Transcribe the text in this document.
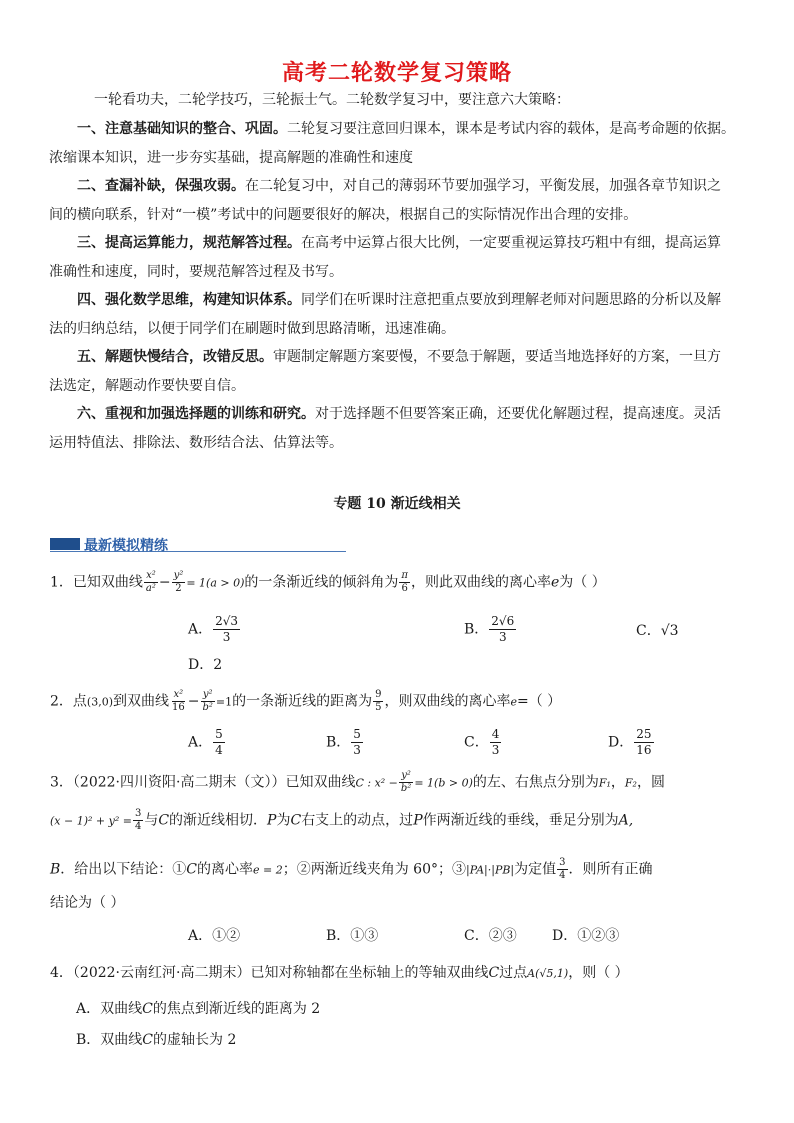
高考二轮数学复习策略
一轮看功夫，二轮学技巧，三轮振士气。二轮数学复习中，要注意六大策略：
一、注意基础知识的整合、巩固。二轮复习要注意回归课本，课本是考试内容的载体，是高考命题的依据。
浓缩课本知识，进一步夯实基础，提高解题的准确性和速度
二、查漏补缺，保强攻弱。在二轮复习中，对自己的薄弱环节要加强学习，平衡发展，加强各章节知识之
间的横向联系，针对“一模”考试中的问题要很好的解决，根据自己的实际情况作出合理的安排。
三、提高运算能力，规范解答过程。在高考中运算占很大比例，一定要重视运算技巧粗中有细，提高运算
准确性和速度，同时，要规范解答过程及书写。
四、强化数学思维，构建知识体系。同学们在听课时注意把重点要放到理解老师对问题思路的分析以及解
法的归纳总结，以便于同学们在刷题时做到思路清晰，迅速准确。
五、解题快慢结合，改错反思。审题制定解题方案要慢，不要急于解题，要适当地选择好的方案，一旦方
法选定，解题动作要快要自信。
六、重视和加强选择题的训练和研究。对于选择题不但要答案正确，还要优化解题过程，提高速度。灵活
运用特值法、排除法、数形结合法、估算法等。
专题 10 渐近线相关
最新模拟精练
1．已知双曲线 $\frac{\text{x²}}{\text{a²}} - \frac{\text{y²}}{2} = 1(a > 0)$的一条渐近线的倾斜角为 $\frac{\pi}{6}$ ，则此双曲线的离心率e为（ ）
A． $\frac{2√3}{3}$	B． $\frac{2√6}{3}$	C．√3
D．2
2．点(3,0)到双曲线 $\frac{\text{x²}}{16} - \frac{\text{y²}}{\text{b²}} =1$的一条渐近线的距离为 $\frac{9}{5}$ ，则双曲线的离心率e=（ ）
A． $\frac{5}{4}$	B． $\frac{5}{3}$	C． $\frac{4}{3}$	D． $\frac{25}{16}$
3．（2022·四川资阳·高二期末（文））已知双曲线C : $x^2 - \frac{\text{y²}}{\text{b²}} = 1(b > 0)$的左、右焦点分别为F₁，F₂，圆
$(x - 1)^2 + y^2 = \frac{3}{4}$ 与C的渐近线相切．P为C右支上的动点，过P作两渐近线的垂线，垂足分别为A,
B．给出以下结论：①C的离心率e = 2；②两渐近线夹角为 60°；③|PA|·|PB|为定值 $\frac{3}{4}$ ．则所有正确
结论为（ ）
A．①②	B．①③	C．②③	D．①②③
4．（2022·云南红河·高二期末）已知对称轴都在坐标轴上的等轴双曲线C过点A(√5,1)，则（ ）
A．双曲线C的焦点到渐近线的距离为 2
B．双曲线C的虚轴长为 2
